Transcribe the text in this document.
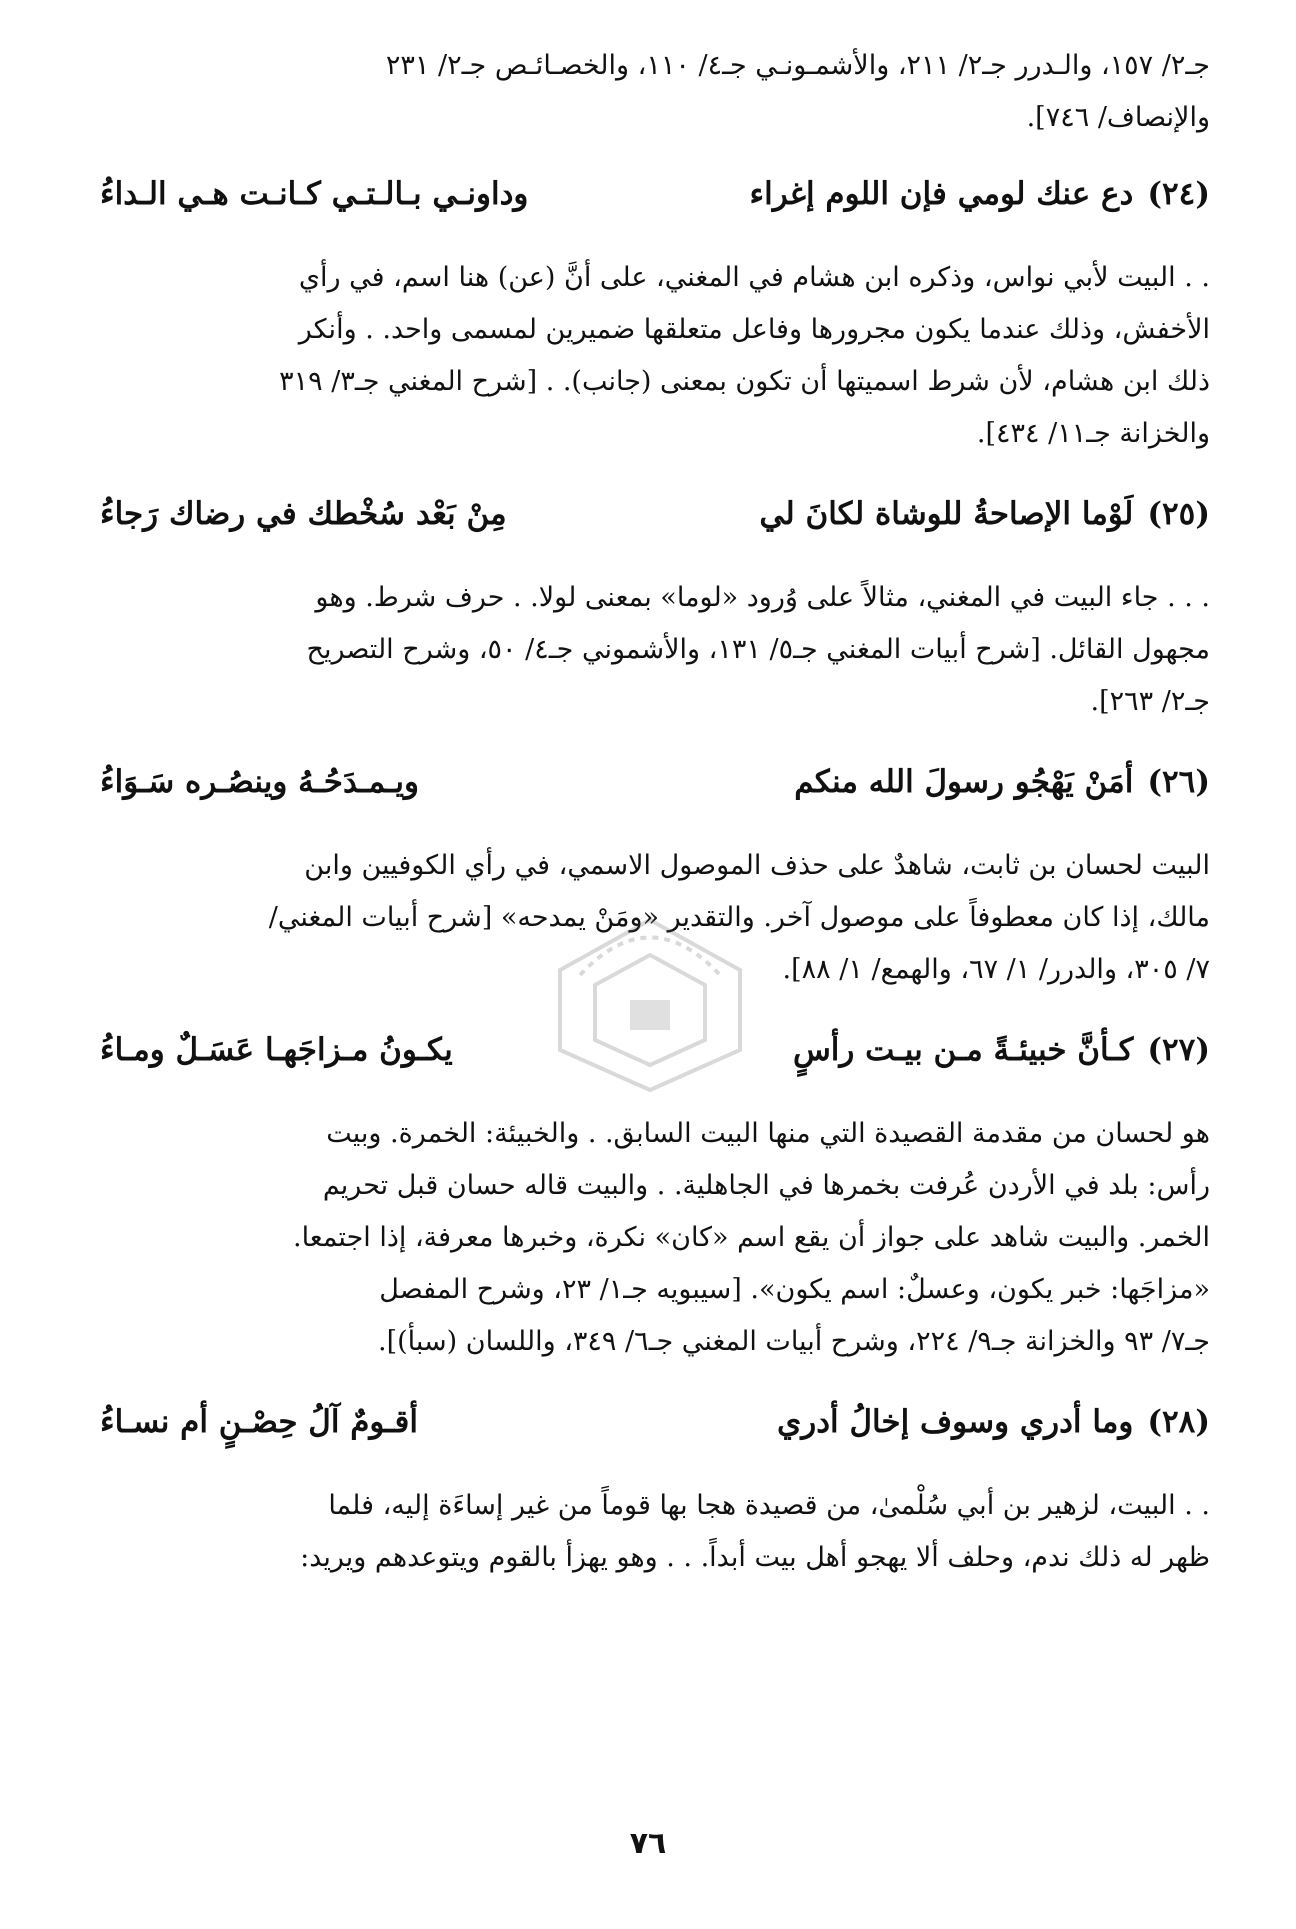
جـ٢/ ١٥٧، والـدرر جـ٢/ ٢١١، والأشمـونـي جـ٤/ ١١٠، والخصـائـص جـ٢/ ٢٣١
والإنصاف/ ٧٤٦].
(٢٤)
دع عنك لومي فإن اللوم إغراء
وداونـي بـالـتـي كـانـت هـي الـداءُ
. . البيت لأبي نواس، وذكره ابن هشام في المغني، على أنَّ (عن) هنا اسم، في رأي
الأخفش، وذلك عندما يكون مجرورها وفاعل متعلقها ضميرين لمسمى واحد. . وأنكر
ذلك ابن هشام، لأن شرط اسميتها أن تكون بمعنى (جانب). . [شرح المغني جـ٣/ ٣١٩
والخزانة جـ١١/ ٤٣٤].
(٢٥)
لَوْما الإصاحةُ للوشاة لكانَ لي
مِنْ بَعْد سُخْطك في رضاك رَجاءُ
. . . جاء البيت في المغني، مثالاً على وُرود «لوما» بمعنى لولا. . حرف شرط. وهو
مجهول القائل. [شرح أبيات المغني جـ٥/ ١٣١، والأشموني جـ٤/ ٥٠، وشرح التصريح
جـ٢/ ٢٦٣].
(٢٦)
أمَنْ يَهْجُو رسولَ الله منكم
ويـمـدَحُـهُ وينصُـره سَـوَاءُ
البيت لحسان بن ثابت، شاهدٌ على حذف الموصول الاسمي، في رأي الكوفيين وابن
مالك، إذا كان معطوفاً على موصول آخر. والتقدير «ومَنْ يمدحه» [شرح أبيات المغني/
٧/ ٣٠٥، والدرر/ ١/ ٦٧، والهمع/ ١/ ٨٨].
(٢٧)
كـأنَّ خبيئـةً مـن بيـت رأسٍ
يكـونُ مـزاجَهـا عَسَـلٌ ومـاءُ
هو لحسان من مقدمة القصيدة التي منها البيت السابق. . والخبيئة: الخمرة. وبيت
رأس: بلد في الأردن عُرفت بخمرها في الجاهلية. . والبيت قاله حسان قبل تحريم
الخمر. والبيت شاهد على جواز أن يقع اسم «كان» نكرة، وخبرها معرفة، إذا اجتمعا.
«مزاجَها: خبر يكون، وعسلٌ: اسم يكون». [سيبويه جـ١/ ٢٣، وشرح المفصل
جـ٧/ ٩٣ والخزانة جـ٩/ ٢٢٤، وشرح أبيات المغني جـ٦/ ٣٤٩، واللسان (سبأ)].
(٢٨)
وما أدري وسوف إخالُ أدري
أقـومٌ آلُ حِصْـنٍ أم نسـاءُ
. . البيت، لزهير بن أبي سُلْمىٰ، من قصيدة هجا بها قوماً من غير إساءَة إليه، فلما
ظهر له ذلك ندم، وحلف ألا يهجو أهل بيت أبداً. . . وهو يهزأ بالقوم ويتوعدهم ويريد:
٧٦
